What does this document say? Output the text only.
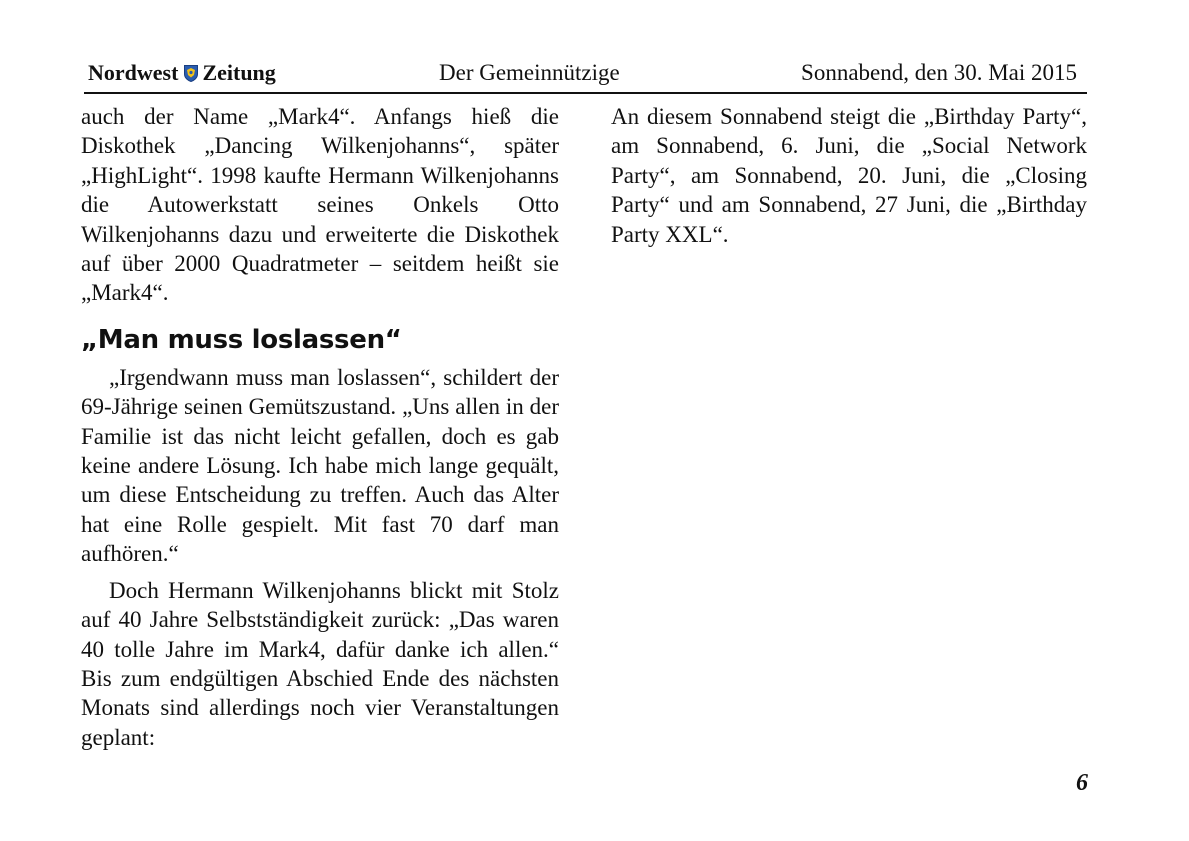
Nordwest Zeitung	Der Gemeinnützige	Sonnabend, den 30. Mai 2015

auch der Name „Mark4“. Anfangs hieß die Diskothek „Dancing Wilkenjohanns“, später „HighLight“. 1998 kaufte Hermann Wilkenjohanns die Autowerkstatt seines Onkels Otto Wilkenjohanns dazu und erweiterte die Diskothek auf über 2000 Quadratmeter – seitdem heißt sie „Mark4“.

„Man muss loslassen“

„Irgendwann muss man loslassen“, schildert der 69-Jährige seinen Gemütszustand. „Uns allen in der Familie ist das nicht leicht gefallen, doch es gab keine andere Lösung. Ich habe mich lange gequält, um diese Entscheidung zu treffen. Auch das Alter hat eine Rolle gespielt. Mit fast 70 darf man aufhören.“

Doch Hermann Wilkenjohanns blickt mit Stolz auf 40 Jahre Selbstständigkeit zurück: „Das waren 40 tolle Jahre im Mark4, dafür danke ich allen.“ Bis zum endgültigen Abschied Ende des nächsten Monats sind allerdings noch vier Veranstaltungen geplant:

An diesem Sonnabend steigt die „Birthday Party“, am Sonnabend, 6. Juni, die „Social Network Party“, am Sonnabend, 20. Juni, die „Closing Party“ und am Sonnabend, 27 Juni, die „Birthday Party XXL“.

6
